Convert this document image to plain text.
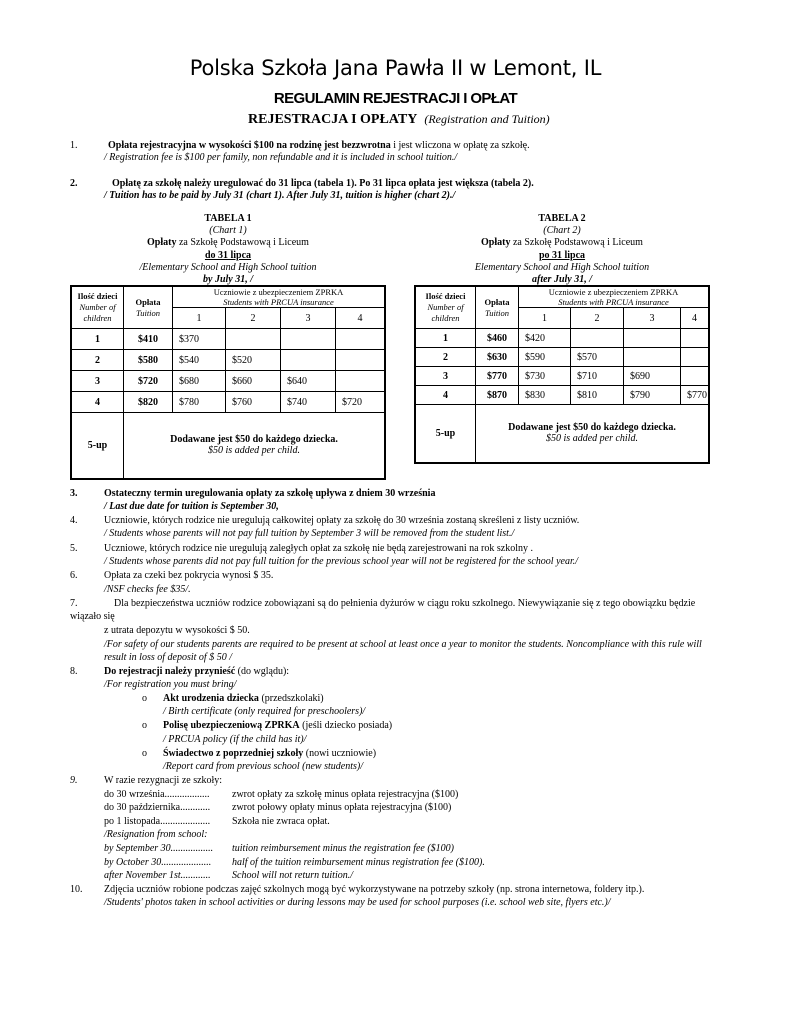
Polska Szkoła Jana Pawła II w Lemont, IL
REGULAMIN REJESTRACJI I OPŁAT
REJESTRACJA I OPŁATY (Registration and Tuition)
1.	Opłata rejestracyjna w wysokości $100 na rodzinę jest bezzwrotna i jest wliczona w opłatę za szkołę.
/ Registration fee is $100 per family, non refundable and it is included in school tuition./
2.	Opłatę za szkołę należy uregulować do 31 lipca (tabela 1). Po 31 lipca opłata jest większa (tabela 2).
/ Tuition has to be paid by July 31 (chart 1). After July 31, tuition is higher (chart 2)./
TABELA 1
(Chart 1)
Opłaty za Szkołę Podstawową i Liceum
do 31 lipca
/Elementary School and High School tuition
by July 31, /
TABELA 2
(Chart 2)
Opłaty za Szkołę Podstawową i Liceum
po 31 lipca
Elementary School and High School tuition
after July 31, /
Ilość dzieci
Number of children	Opłata
Tuition	Uczniowie z ubezpieczeniem ZPRKA
Students with PRCUA insurance			
		1	2	3	4
1	$410	$370			
2	$580	$540	$520		
3	$720	$680	$660	$640	
4	$820	$780	$760	$740	$720
5-up	Dodawane jest $50 do każdego dziecka.
$50 is added per child.				
Ilość dzieci
Number of children	Opłata
Tuition	Uczniowie z ubezpieczeniem ZPRKA
Students with PRCUA insurance			
		1	2	3	4
1	$460	$420			
2	$630	$590	$570		
3	$770	$730	$710	$690	
4	$870	$830	$810	$790	$770
5-up	Dodawane jest $50 do każdego dziecka.
$50 is added per child.				
3.	Ostateczny termin uregulowania opłaty za szkołę upływa z dniem 30 września
/ Last due date for tuition is September 30,
4.	Uczniowie, których rodzice nie uregulują całkowitej opłaty za szkołę do 30 września zostaną skreśleni z listy uczniów.
/ Students whose parents will not pay full tuition by September 3 will be removed from the student list./
5.	Uczniowe, których rodzice nie uregulują zaległych opłat za szkołę nie będą zarejestrowani na rok szkolny .
/ Students whose parents did not pay full tuition for the previous school year will not be registered for the school year./
6.	Opłata za czeki bez pokrycia wynosi $ 35.
/NSF checks fee $35/.
7.	Dla bezpieczeństwa uczniów rodzice zobowiązani są do pełnienia dyżurów w ciągu roku szkolnego. Niewywiązanie się z tego obowiązku będzie
wiązało się
z utrata depozytu w wysokości $ 50.
/For safety of our students parents are required to be present at school at least once a year to monitor the students. Noncompliance with this rule will
result in loss of deposit of $ 50 /
8.	Do rejestracji należy przynieść (do wglądu):
/For registration you must bring/
o Akt urodzenia dziecka (przedszkolaki)
/ Birth certificate (only required for preschoolers)/
o Polisę ubezpieczeniową ZPRKA (jeśli dziecko posiada)
/ PRCUA policy (if the child has it)/
o Świadectwo z poprzedniej szkoły (nowi uczniowie)
/Report card from previous school (new students)/
9.	W razie rezygnacji ze szkoły:
do 30 września.................. zwrot opłaty za szkołę minus opłata rejestracyjna ($100)
do 30 października............ zwrot połowy opłaty minus opłata rejestracyjna ($100)
po 1 listopada.................... Szkoła nie zwraca opłat.
/Resignation from school:
by September 30................. tuition reimbursement minus the registration fee ($100)
by October 30.................... half of the tuition reimbursement minus registration fee ($100).
after November 1st............ School will not return tuition./
10. Zdjęcia uczniów robione podczas zajęć szkolnych mogą być wykorzystywane na potrzeby szkoły (np. strona internetowa, foldery itp.).
/Students' photos taken in school activities or during lessons may be used for school purposes (i.e. school web site, flyers etc.)/
